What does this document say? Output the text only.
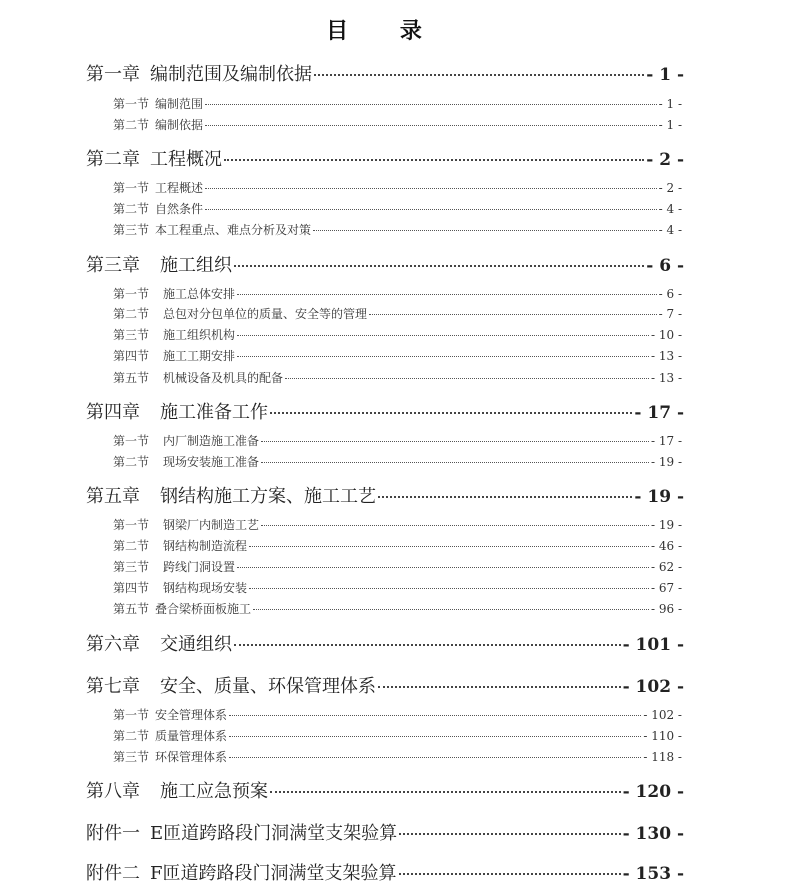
目 录
第一章 编制范围及编制依据	- 1 -
第一节 编制范围	- 1 -
第二节 编制依据	- 1 -
第二章 工程概况	- 2 -
第一节 工程概述	- 2 -
第二节 自然条件	- 4 -
第三节 本工程重点、难点分析及对策	- 4 -
第三章 施工组织	- 6 -
第一节 施工总体安排	- 6 -
第二节 总包对分包单位的质量、安全等的管理	- 7 -
第三节 施工组织机构	- 10 -
第四节 施工工期安排	- 13 -
第五节 机械设备及机具的配备	- 13 -
第四章 施工准备工作	- 17 -
第一节 内厂制造施工准备	- 17 -
第二节 现场安装施工准备	- 19 -
第五章 钢结构施工方案、施工工艺	- 19 -
第一节 钢梁厂内制造工艺	- 19 -
第二节 钢结构制造流程	- 46 -
第三节 跨线门洞设置	- 62 -
第四节 钢结构现场安装	- 67 -
第五节 叠合梁桥面板施工	- 96 -
第六章 交通组织	- 101 -
第七章 安全、质量、环保管理体系	- 102 -
第一节 安全管理体系	- 102 -
第二节 质量管理体系	- 110 -
第三节 环保管理体系	- 118 -
第八章 施工应急预案	- 120 -
附件一 E匝道跨路段门洞满堂支架验算	- 130 -
附件二 F匝道跨路段门洞满堂支架验算	- 153 -
